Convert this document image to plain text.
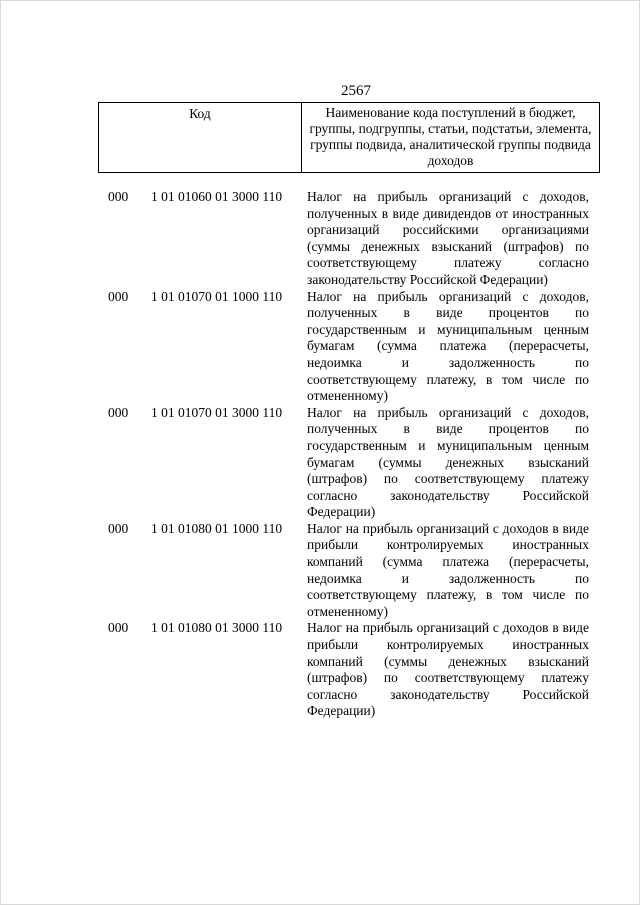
2567
Код	Наименование кода поступлений в бюджет, группы, подгруппы, статьи, подстатьи, элемента, группы подвида, аналитической группы подвида доходов
000 1 01 01060 01 3000 110 Налог на прибыль организаций с доходов, полученных в виде дивидендов от иностранных организаций российскими организациями (суммы денежных взысканий (штрафов) по соответствующему платежу согласно законодательству Российской Федерации)
000 1 01 01070 01 1000 110 Налог на прибыль организаций с доходов, полученных в виде процентов по государственным и муниципальным ценным бумагам (сумма платежа (перерасчеты, недоимка и задолженность по соответствующему платежу, в том числе по отмененному)
000 1 01 01070 01 3000 110 Налог на прибыль организаций с доходов, полученных в виде процентов по государственным и муниципальным ценным бумагам (суммы денежных взысканий (штрафов) по соответствующему платежу согласно законодательству Российской Федерации)
000 1 01 01080 01 1000 110 Налог на прибыль организаций с доходов в виде прибыли контролируемых иностранных компаний (сумма платежа (перерасчеты, недоимка и задолженность по соответствующему платежу, в том числе по отмененному)
000 1 01 01080 01 3000 110 Налог на прибыль организаций с доходов в виде прибыли контролируемых иностранных компаний (суммы денежных взысканий (штрафов) по соответствующему платежу согласно законодательству Российской Федерации)
